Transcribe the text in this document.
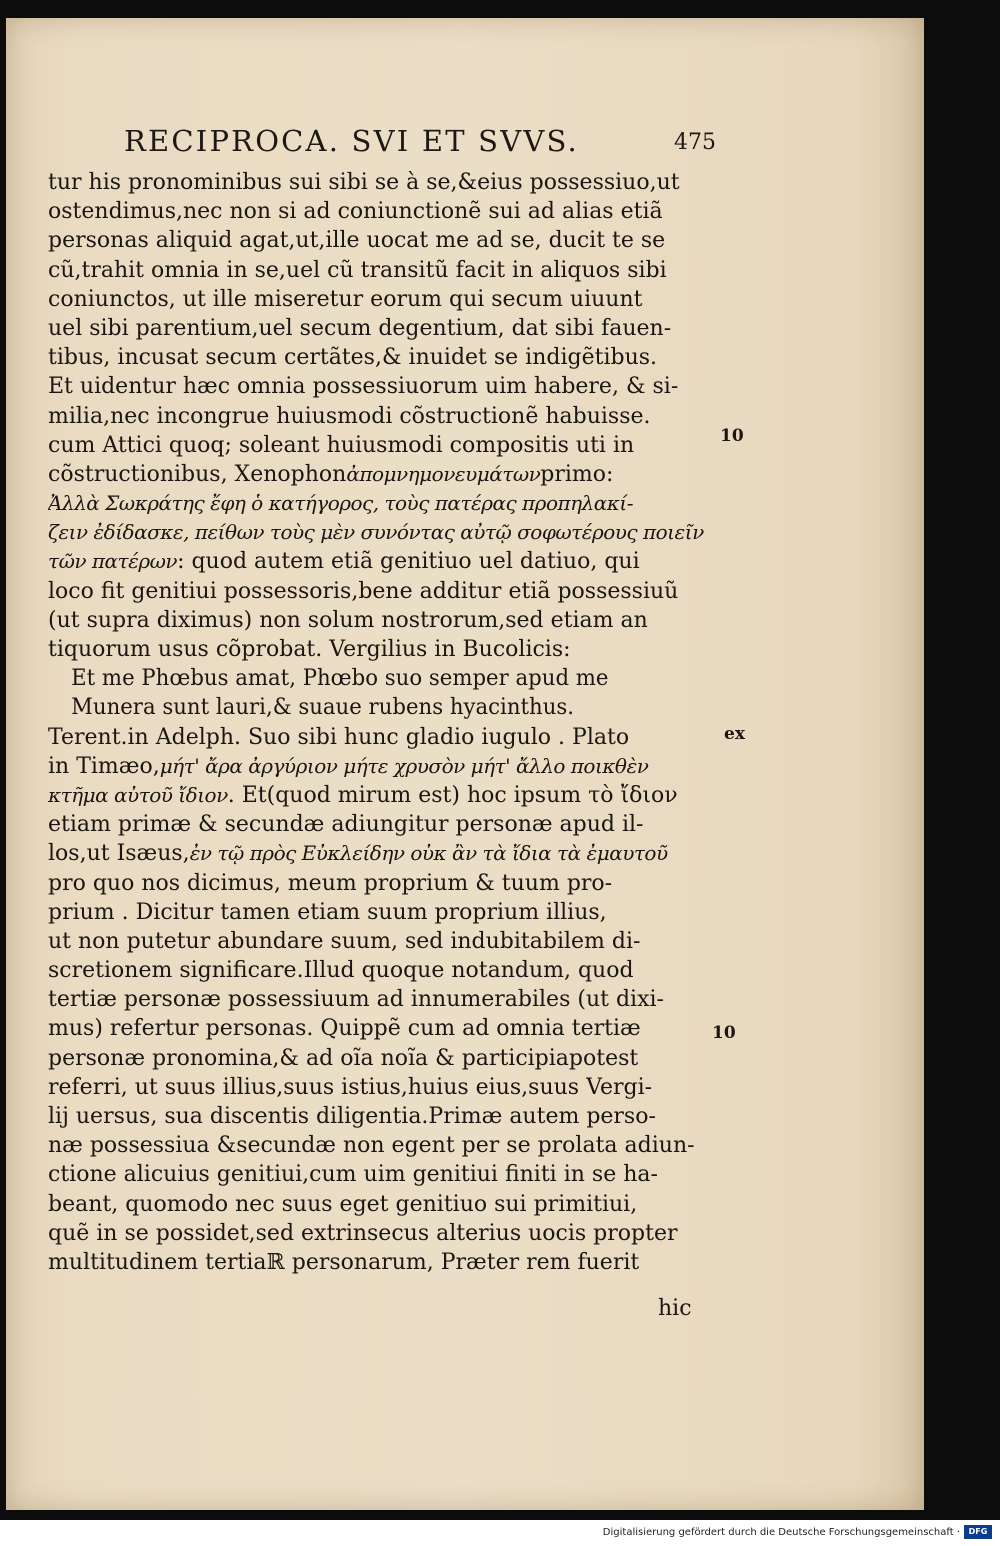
RECIPROCA. SVI ET SVVS.	475
tur his pronominibus sui sibi se à se,&eius possessiuo,ut
ostendimus,nec non si ad coniunctionẽ sui ad alias etiã
personas aliquid agat,ut,ille uocat me ad se, ducit te se
cũ,trahit omnia in se,uel cũ transitũ facit in aliquos sibi
coniunctos, ut ille miseretur eorum qui secum uiuunt
uel sibi parentium,uel secum degentium, dat sibi fauen-
tibus, incusat secum certãtes,& inuidet se indigẽtibus.
Et uidentur hæc omnia possessiuorum uim habere, & si-
milia,nec incongrue huiusmodi cõstructionẽ habuisse.
cum Attici quoq; soleant huiusmodi compositis uti in
cõstructionibus, Xenophonἀπομνημονευμάτωνprimo:
Ἀλλὰ Σωκράτης ἔφη ὁ κατήγορος, τοὺς πατέρας προπηλακί-
ζειν ἐδίδασκε, πείθων τοὺς μὲν συνόντας αὐτῷ σοφωτέρους ποιεῖν
τῶν πατέρων: quod autem etiã genitiuo uel datiuo, qui
loco fit genitiui possessoris,bene additur etiã possessiuũ
(ut supra diximus) non solum nostrorum,sed etiam an
tiquorum usus cõprobat. Vergilius in Bucolicis:
Et me Phœbus amat, Phœbo suo semper apud me
Munera sunt lauri,& suaue rubens hyacinthus.
Terent.in Adelph. Suo sibi hunc gladio iugulo . Plato
in Timæo,μήτ' ἄρα ἀργύριον μήτε χρυσὸν μήτ' ἄλλο ποικθὲν
κτῆμα αὐτοῦ ἴδιον. Et(quod mirum est) hoc ipsum τὸ ἴδιον
etiam primæ & secundæ adiungitur personæ apud il-
los,ut Isæus,ἐν τῷ πρὸς Εὐκλείδην οὐκ ἂν τὰ ἴδια τὰ ἐμαυτοῦ
pro quo nos dicimus, meum proprium & tuum pro-
prium . Dicitur tamen etiam suum proprium illius,
ut non putetur abundare suum, sed indubitabilem di-
scretionem significare.Illud quoque notandum, quod
tertiæ personæ possessiuum ad innumerabiles (ut dixi-
mus) refertur personas. Quippẽ cum ad omnia tertiæ
personæ pronomina,& ad oĩa noĩa & participiapotest
referri, ut suus illius,suus istius,huius eius,suus Vergi-
lij uersus, sua discentis diligentia.Primæ autem perso-
næ possessiua &secundæ non egent per se prolata adiun-
ctione alicuius genitiui,cum uim genitiui finiti in se ha-
beant, quomodo nec suus eget genitiuo sui primitiui,
quẽ in se possidet,sed extrinsecus alterius uocis propter
multitudinem tertiaℝ personarum, Præter rem fuerit
10
ex
10
hic
Digitalisierung gefördert durch die Deutsche Forschungsgemeinschaft ·	DFG
